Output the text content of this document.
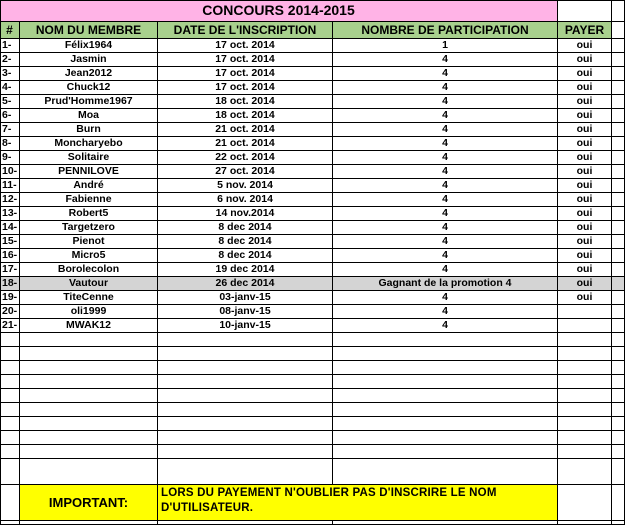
CONCOURS 2014-2015
#	NOM DU MEMBRE	DATE DE L'INSCRIPTION	NOMBRE DE PARTICIPATION	PAYER
1-	Félix1964	17 oct. 2014	1	oui
2-	Jasmin	17 oct. 2014	4	oui
3-	Jean2012	17 oct. 2014	4	oui
4-	Chuck12	17 oct. 2014	4	oui
5-	Prud'Homme1967	18 oct. 2014	4	oui
6-	Moa	18 oct. 2014	4	oui
7-	Burn	21 oct. 2014	4	oui
8-	Moncharyebo	21 oct. 2014	4	oui
9-	Solitaire	22 oct. 2014	4	oui
10-	PENNILOVE	27 oct. 2014	4	oui
11-	André	5 nov. 2014	4	oui
12-	Fabienne	6 nov. 2014	4	oui
13-	Robert5	14 nov.2014	4	oui
14-	Targetzero	8 dec 2014	4	oui
15-	Pienot	8 dec 2014	4	oui
16-	Micro5	8 dec 2014	4	oui
17-	Borolecolon	19 dec 2014	4	oui
18-	Vautour	26 dec 2014	Gagnant de la promotion 4	oui
19-	TiteCenne	03-janv-15	4	oui
20-	oli1999	08-janv-15	4
21-	MWAK12	10-janv-15	4
IMPORTANT:
LORS DU PAYEMENT N'OUBLIER PAS D'INSCRIRE LE NOM D'UTILISATEUR.
